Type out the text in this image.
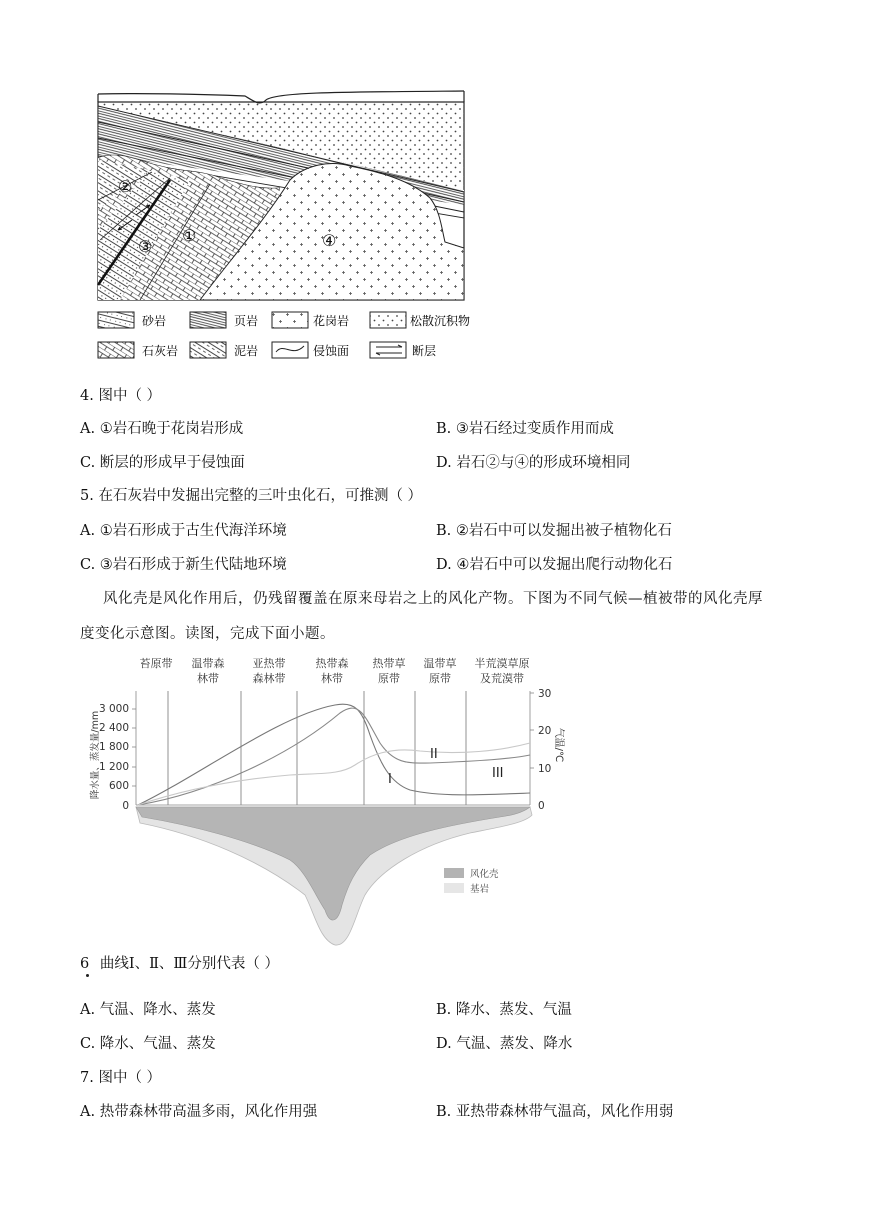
②
①
③	④
砂岩	页岩	花岗岩	松散沉积物
石灰岩	泥岩	侵蚀面	断层
4. 图中（ ）
A. ①岩石晚于花岗岩形成	B. ③岩石经过变质作用而成
C. 断层的形成早于侵蚀面	D. 岩石②与④的形成环境相同
5. 在石灰岩中发掘出完整的三叶虫化石，可推测（ ）
A. ①岩石形成于古生代海洋环境	B. ②岩石中可以发掘出被子植物化石
C. ③岩石形成于新生代陆地环境	D. ④岩石中可以发掘出爬行动物化石
风化壳是风化作用后，仍残留覆盖在原来母岩之上的风化产物。下图为不同气候—植被带的风化壳厚
度变化示意图。读图，完成下面小题。
苔原带 温带森
林带
亚热带
森林带
热带森
林带
热带草
原带
温带草
原带
半荒漠草原
及荒漠带
3 000
2 400
1 800
1 200
600
0
降水量、蒸发量/mm
30
20
10
0
气温/℃
I
II
III
风化壳
基岩
6 曲线Ⅰ、Ⅱ、Ⅲ分别代表（ ）
A. 气温、降水、蒸发	B. 降水、蒸发、气温
C. 降水、气温、蒸发	D. 气温、蒸发、降水
7. 图中（ ）
A. 热带森林带高温多雨，风化作用强	B. 亚热带森林带气温高，风化作用弱
